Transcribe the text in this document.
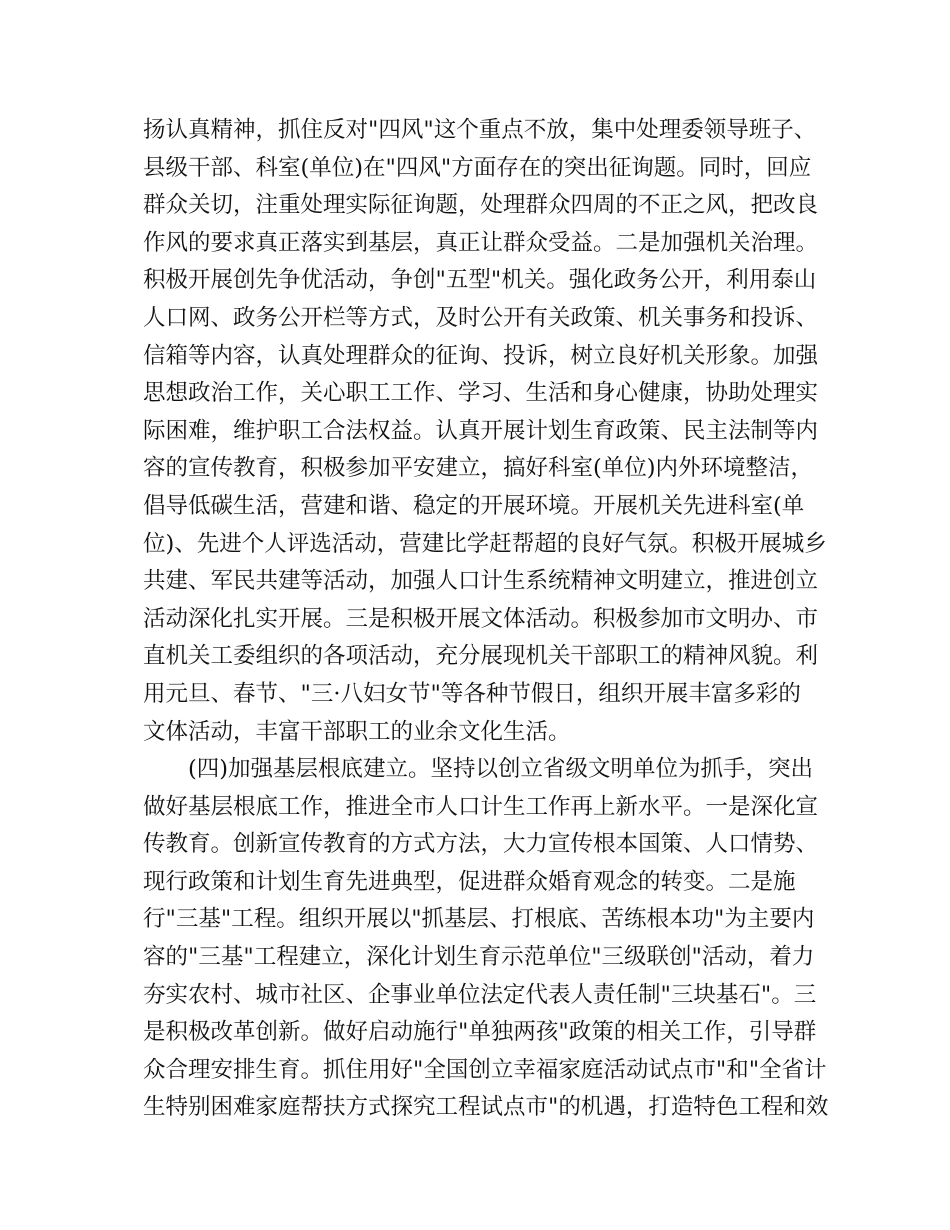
扬认真精神，抓住反对"四风"这个重点不放，集中处理委领导班子、
县级干部、科室(单位)在"四风"方面存在的突出征询题。同时，回应
群众关切，注重处理实际征询题，处理群众四周的不正之风，把改良
作风的要求真正落实到基层，真正让群众受益。二是加强机关治理。
积极开展创先争优活动，争创"五型"机关。强化政务公开，利用泰山
人口网、政务公开栏等方式，及时公开有关政策、机关事务和投诉、
信箱等内容，认真处理群众的征询、投诉，树立良好机关形象。加强
思想政治工作，关心职工工作、学习、生活和身心健康，协助处理实
际困难，维护职工合法权益。认真开展计划生育政策、民主法制等内
容的宣传教育，积极参加平安建立，搞好科室(单位)内外环境整洁，
倡导低碳生活，营建和谐、稳定的开展环境。开展机关先进科室(单
位)、先进个人评选活动，营建比学赶帮超的良好气氛。积极开展城乡
共建、军民共建等活动，加强人口计生系统精神文明建立，推进创立
活动深化扎实开展。三是积极开展文体活动。积极参加市文明办、市
直机关工委组织的各项活动，充分展现机关干部职工的精神风貌。利
用元旦、春节、"三·八妇女节"等各种节假日，组织开展丰富多彩的
文体活动，丰富干部职工的业余文化生活。
　　(四)加强基层根底建立。坚持以创立省级文明单位为抓手，突出
做好基层根底工作，推进全市人口计生工作再上新水平。一是深化宣
传教育。创新宣传教育的方式方法，大力宣传根本国策、人口情势、
现行政策和计划生育先进典型，促进群众婚育观念的转变。二是施
行"三基"工程。组织开展以"抓基层、打根底、苦练根本功"为主要内
容的"三基"工程建立，深化计划生育示范单位"三级联创"活动，着力
夯实农村、城市社区、企事业单位法定代表人责任制"三块基石"。三
是积极改革创新。做好启动施行"单独两孩"政策的相关工作，引导群
众合理安排生育。抓住用好"全国创立幸福家庭活动试点市"和"全省计
生特别困难家庭帮扶方式探究工程试点市"的机遇，打造特色工程和效
